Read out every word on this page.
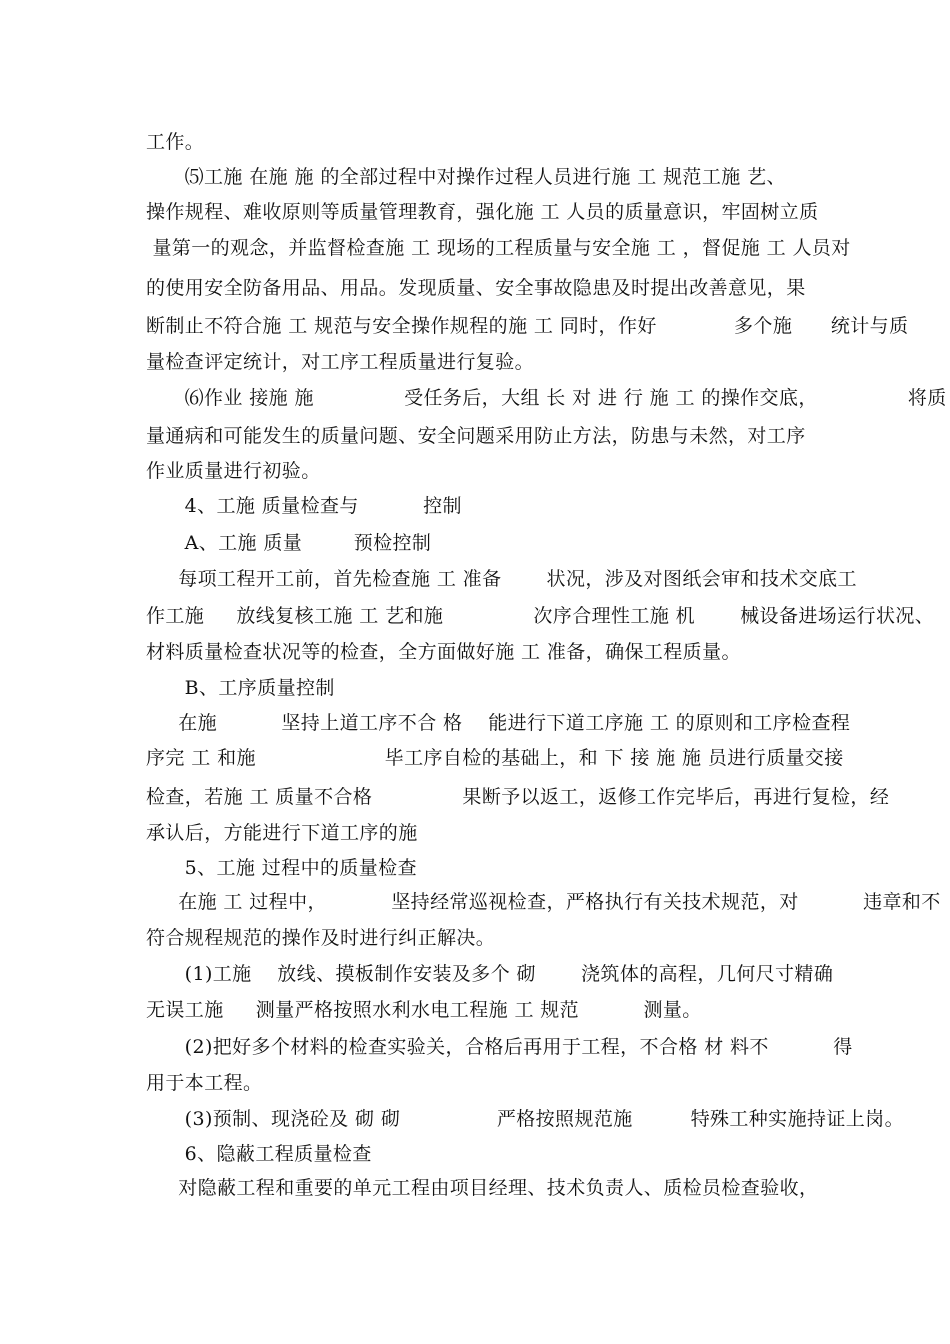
工作。
⑸工施 在施 施 的全部过程中对操作过程人员进行施 工 规范工施 艺、
操作规程、难收原则等质量管理教育，强化施 工 人员的质量意识，牢固树立质
量第一的观念，并监督检查施 工 现场的工程质量与安全施 工 ，督促施 工 人员对
的使用安全防备用品、用品。发现质量、安全事故隐患及时提出改善意见，果
断制止不符合施 工 规范与安全操作规程的施 工 同时，作好            多个施      统计与质
量检查评定统计，对工序工程质量进行复验。
⑹作业 接施 施              受任务后，大组 长 对 进 行 施 工 的操作交底，              将质
量通病和可能发生的质量问题、安全问题采用防止方法，防患与未然，对工序
作业质量进行初验。
4、工施 质量检查与          控制
A、工施 质量        预检控制
每项工程开工前，首先检查施 工 准备       状况，涉及对图纸会审和技术交底工
作工施     放线复核工施 工 艺和施              次序合理性工施 机       械设备进场运行状况、
材料质量检查状况等的检查，全方面做好施 工 准备，确保工程质量。
B、工序质量控制
在施          坚持上道工序不合 格    能进行下道工序施 工 的原则和工序检查程
序完 工 和施                    毕工序自检的基础上，和 下 接 施 施 员进行质量交接
检查，若施 工 质量不合格              果断予以返工，返修工作完毕后，再进行复检，经
承认后，方能进行下道工序的施
5、工施 过程中的质量检查
在施 工 过程中，          坚持经常巡视检查，严格执行有关技术规范，对          违章和不
符合规程规范的操作及时进行纠正解决。
(1)工施    放线、摸板制作安装及多个 砌       浇筑体的高程，几何尺寸精确
无误工施     测量严格按照水利水电工程施 工 规范          测量。
(2)把好多个材料的检查实验关，合格后再用于工程，不合格 材 料不          得
用于本工程。
(3)预制、现浇砼及 砌 砌               严格按照规范施         特殊工种实施持证上岗。
6、隐蔽工程质量检查
对隐蔽工程和重要的单元工程由项目经理、技术负责人、质检员检查验收，
